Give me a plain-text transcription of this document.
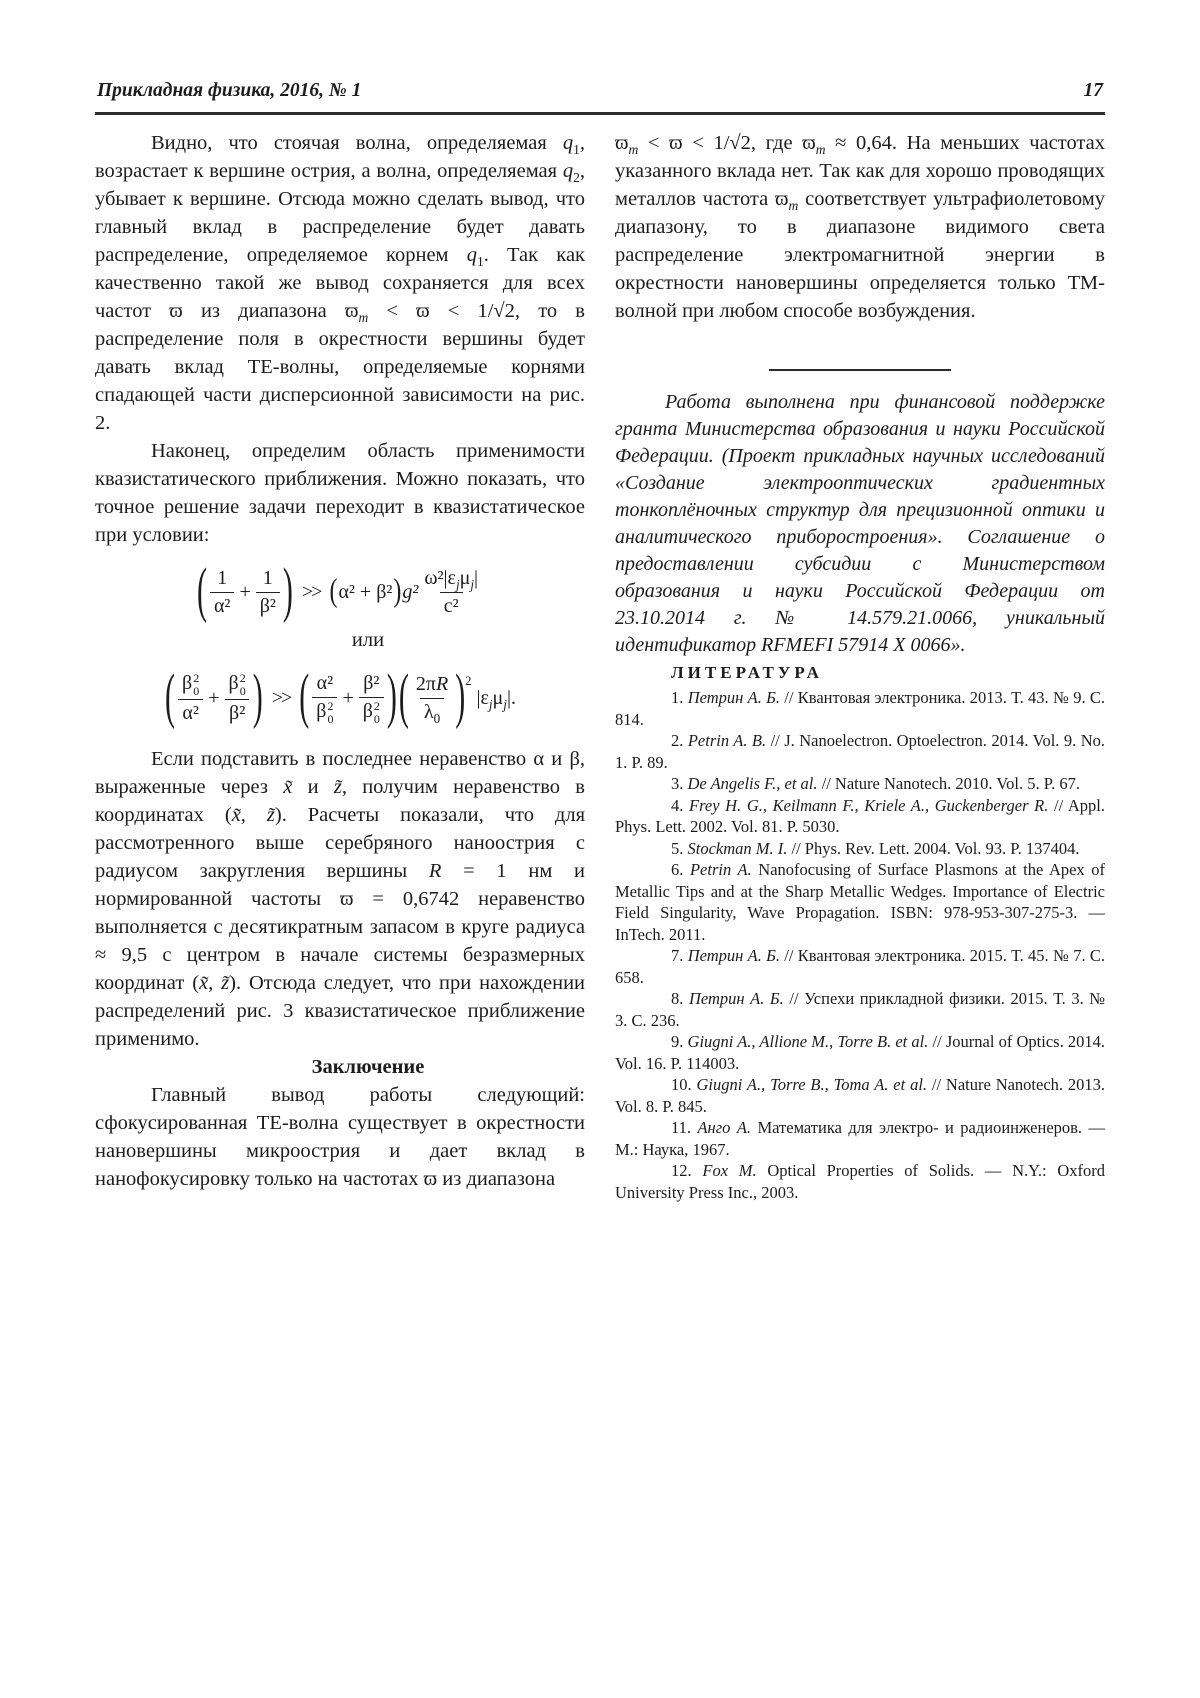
Прикладная физика, 2016, № 1	17

Видно, что стоячая волна, определяемая $q_1$, возрастает к вершине острия, а волна, определяемая $q_2$, убывает к вершине. Отсюда можно сделать вывод, что главный вклад в распределение будет давать распределение, определяемое корнем $q_1$. Так как качественно такой же вывод сохраняется для всех частот ϖ из диапазона $ϖ_m < ϖ < 1/√2$, то в распределение поля в окрестности вершины будет давать вклад ТЕ-волны, определяемые корнями спадающей части дисперсионной зависимости на рис. 2.

Наконец, определим область применимости квазистатического приближения. Можно показать, что точное решение задачи переходит в квазистатическое при условии:

( $\frac{1}{\text{α²}} + \frac{1}{\text{β²}}$ ) >> ( α² + β² ) $g^2 \frac{\omega^2|\varepsilon_j\mu_j|}{\text{c²}}$

или

( β 2
0
α² + β 2
0
β² ) >> ( α²
β 2
0 + β²
β 2
0 ) ( $\frac{2\pi R}{\lambda_0}$ ) 2
$|\varepsilon_j\mu_j|$.

Если подставить в последнее неравенство α и β, выраженные через x̃ и z̃, получим неравенство в координатах (x̃, z̃). Расчеты показали, что для рассмотренного выше серебряного наноострия с радиусом закругления вершины R = 1 нм и нормированной частоты ϖ = 0,6742 неравенство выполняется с десятикратным запасом в круге радиуса ≈ 9,5 с центром в начале системы безразмерных координат (x̃, z̃). Отсюда следует, что при нахождении распределений рис. 3 квазистатическое приближение применимо.

Заключение

Главный вывод работы следующий: сфокусированная ТЕ-волна существует в окрестности нановершины микроострия и дает вклад в нанофокусировку только на частотах ϖ из диапазона

$ϖ_m < ϖ < 1/√2$, где $ϖ_m \approx 0,64$. На меньших частотах указанного вклада нет. Так как для хорошо проводящих металлов частота $ϖ_m$ соответствует ультрафиолетовому диапазону, то в диапазоне видимого света распределение электромагнитной энергии в окрестности нановершины определяется только ТМ-волной при любом способе возбуждения.

Работа выполнена при финансовой поддержке гранта Министерства образования и науки Российской Федерации. (Проект прикладных научных исследований «Создание электрооптических градиентных тонкоплёночных структур для прецизионной оптики и аналитического приборостроения». Соглашение о предоставлении субсидии с Министерством образования и науки Российской Федерации от 23.10.2014 г. № 14.579.21.0066, уникальный идентификатор RFMEFI 57914 X 0066».

ЛИТЕРАТУРА

1. Петрин А. Б. // Квантовая электроника. 2013. Т. 43. № 9. С. 814.

2. Petrin A. B. // J. Nanoelectron. Optoelectron. 2014. Vol. 9. No. 1. P. 89.

3. De Angelis F., et al. // Nature Nanotech. 2010. Vol. 5. P. 67.

4. Frey H. G., Keilmann F., Kriele A., Guckenberger R. // Appl. Phys. Lett. 2002. Vol. 81. P. 5030.

5. Stockman M. I. // Phys. Rev. Lett. 2004. Vol. 93. P. 137404.

6. Petrin A. Nanofocusing of Surface Plasmons at the Apex of Metallic Tips and at the Sharp Metallic Wedges. Importance of Electric Field Singularity, Wave Propagation. ISBN: 978-953-307-275-3. — InTech. 2011.

7. Петрин А. Б. // Квантовая электроника. 2015. Т. 45. № 7. С. 658.

8. Петрин А. Б. // Успехи прикладной физики. 2015. Т. 3. № 3. С. 236.

9. Giugni A., Allione M., Torre B. et al. // Journal of Optics. 2014. Vol. 16. P. 114003.

10. Giugni A., Torre B., Toma A. et al. // Nature Nanotech. 2013. Vol. 8. P. 845.

11. Анго А. Математика для электро- и радиоинженеров. — М.: Наука, 1967.

12. Fox M. Optical Properties of Solids. — N.Y.: Oxford University Press Inc., 2003.
